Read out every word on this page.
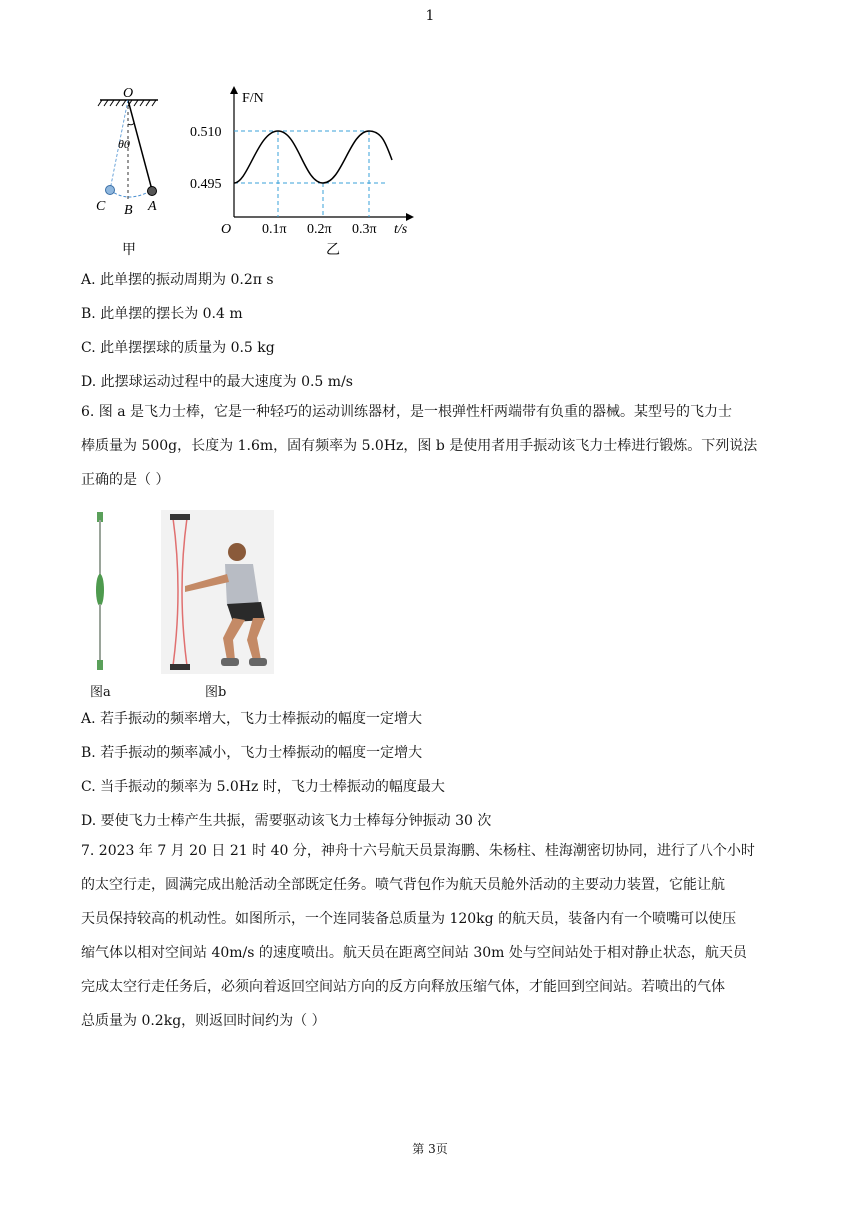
1
O
θ0
C B A
甲
F/N
t/s
O
0.510
0.495
0.1π 0.2π 0.3π
乙
A. 此单摆的振动周期为 0.2π s
B. 此单摆的摆长为 0.4 m
C. 此单摆摆球的质量为 0.5 kg
D. 此摆球运动过程中的最大速度为 0.5 m/s
6. 图 a 是飞力士棒，它是一种轻巧的运动训练器材，是一根弹性杆两端带有负重的器械。某型号的飞力士
棒质量为 500g，长度为 1.6m，固有频率为 5.0Hz，图 b 是使用者用手振动该飞力士棒进行锻炼。下列说法
正确的是（ ）
图a	图b
A. 若手振动的频率增大，飞力士棒振动的幅度一定增大
B. 若手振动的频率减小，飞力士棒振动的幅度一定增大
C. 当手振动的频率为 5.0Hz 时，飞力士棒振动的幅度最大
D. 要使飞力士棒产生共振，需要驱动该飞力士棒每分钟振动 30 次
7. 2023 年 7 月 20 日 21 时 40 分，神舟十六号航天员景海鹏、朱杨柱、桂海潮密切协同，进行了八个小时
的太空行走，圆满完成出舱活动全部既定任务。喷气背包作为航天员舱外活动的主要动力装置，它能让航
天员保持较高的机动性。如图所示，一个连同装备总质量为 120kg 的航天员，装备内有一个喷嘴可以使压
缩气体以相对空间站 40m/s 的速度喷出。航天员在距离空间站 30m 处与空间站处于相对静止状态，航天员
完成太空行走任务后，必须向着返回空间站方向的反方向释放压缩气体，才能回到空间站。若喷出的气体
总质量为 0.2kg，则返回时间约为（ ）
第 3页
